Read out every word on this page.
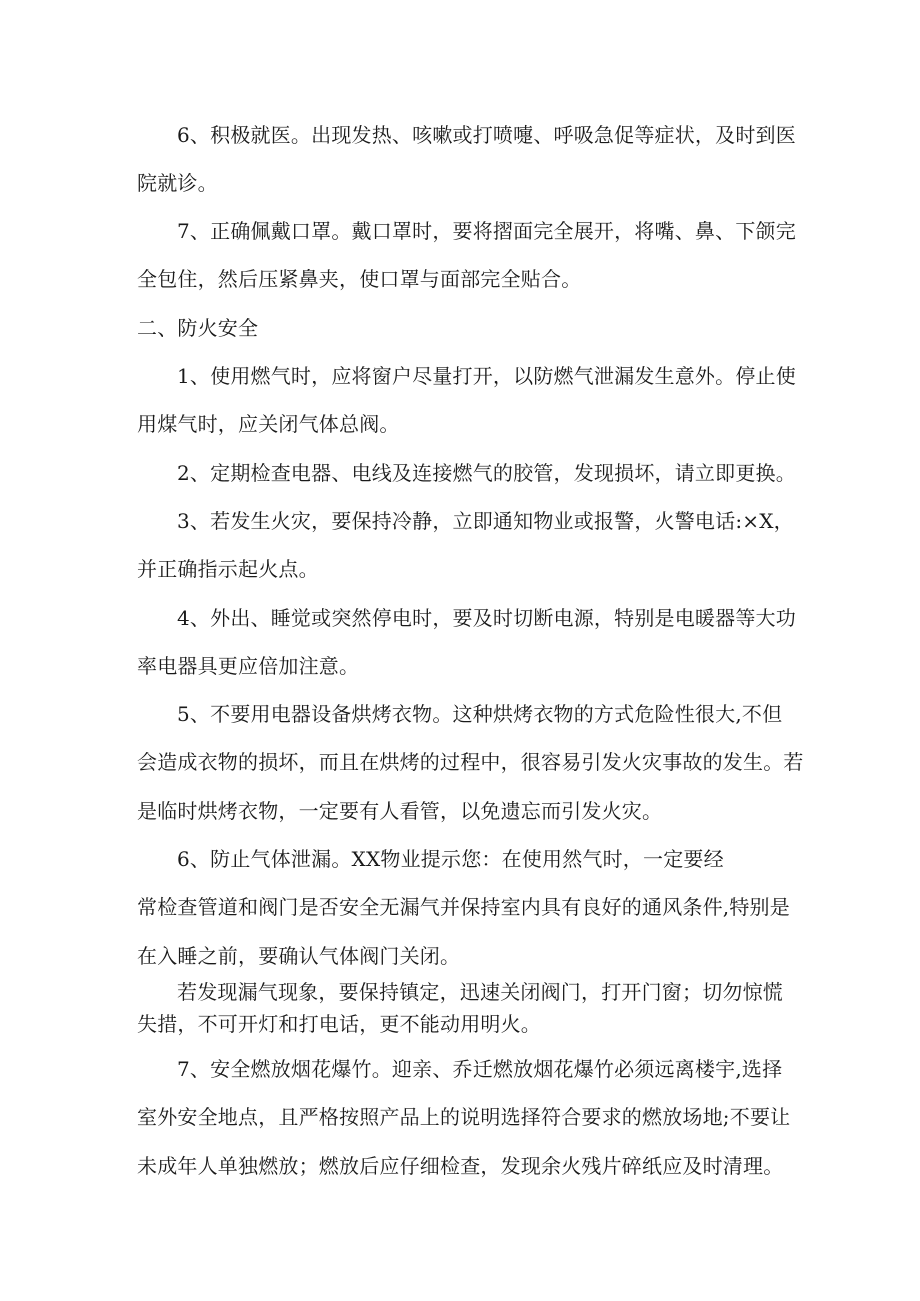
6、积极就医。出现发热、咳嗽或打喷嚏、呼吸急促等症状，及时到医
院就诊。
7、正确佩戴口罩。戴口罩时，要将摺面完全展开，将嘴、鼻、下颌完
全包住，然后压紧鼻夹，使口罩与面部完全贴合。
二、防火安全
1、使用燃气时，应将窗户尽量打开，以防燃气泄漏发生意外。停止使
用煤气时，应关闭气体总阀。
2、定期检查电器、电线及连接燃气的胶管，发现损坏，请立即更换。
3、若发生火灾，要保持冷静，立即通知物业或报警，火警电话:×X，
并正确指示起火点。
4、外出、睡觉或突然停电时，要及时切断电源，特别是电暖器等大功
率电器具更应倍加注意。
5、不要用电器设备烘烤衣物。这种烘烤衣物的方式危险性很大,不但
会造成衣物的损坏，而且在烘烤的过程中，很容易引发火灾事故的发生。若
是临时烘烤衣物，一定要有人看管，以免遗忘而引发火灾。
6、防止气体泄漏。XX物业提示您：在使用然气时，一定要经
常检查管道和阀门是否安全无漏气并保持室内具有良好的通风条件,特别是
在入睡之前，要确认气体阀门关闭。
若发现漏气现象，要保持镇定，迅速关闭阀门，打开门窗；切勿惊慌
失措，不可开灯和打电话，更不能动用明火。
7、安全燃放烟花爆竹。迎亲、乔迁燃放烟花爆竹必须远离楼宇,选择
室外安全地点，且严格按照产品上的说明选择符合要求的燃放场地;不要让
未成年人单独燃放；燃放后应仔细检查，发现余火残片碎纸应及时清理。
